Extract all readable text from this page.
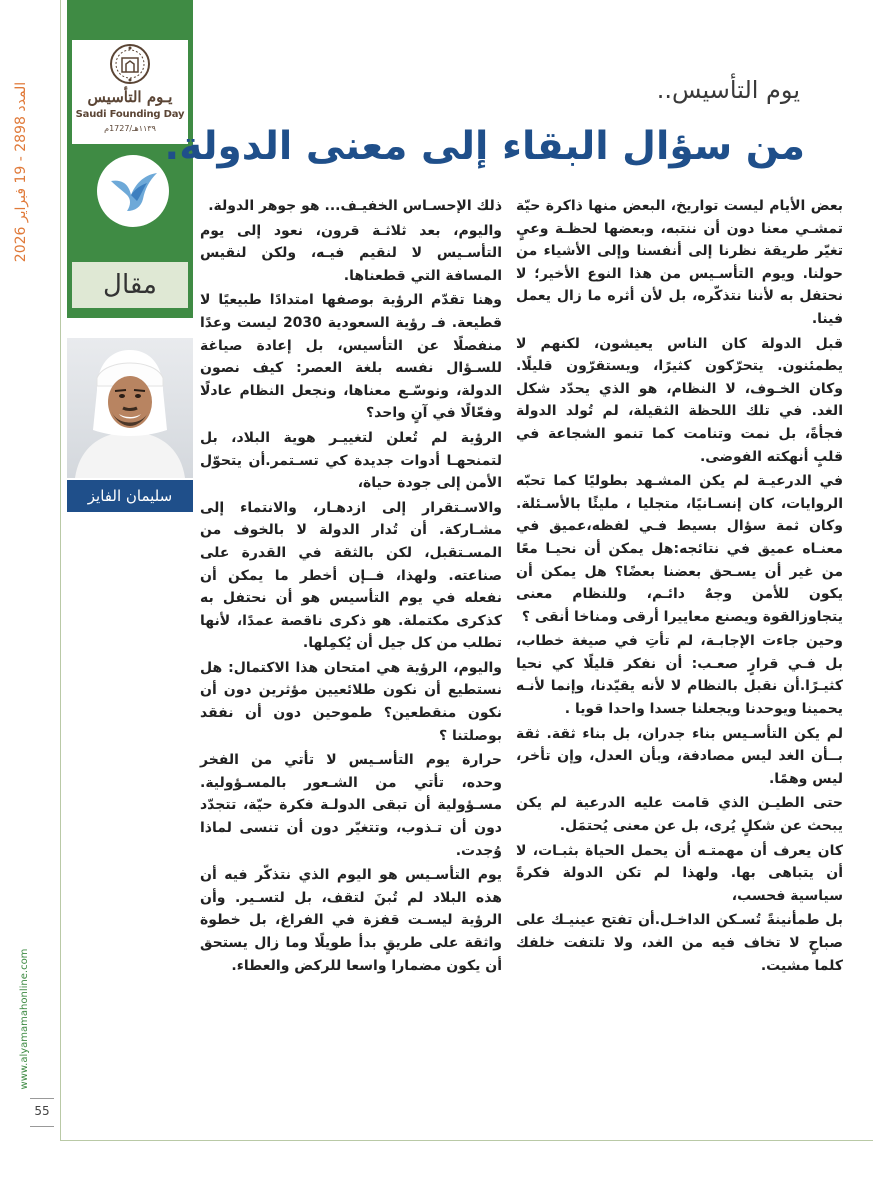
يـوم التأسيس
Saudi Founding Day
١١٣٩هـ/1727م
مقال
المدد 2898 - 19 فبراير 2026
www.alyamamahonline.com
55
سليمان الفايز
يوم التأسيس..
من سؤال البقاء إلى معنى الدولة.

بعض الأيام ليست تواريخ، البعض منها ذاكرة حيّة تمشـي معنا دون أن ننتبه، وبعضها لحظـة وعيٍ تغيّر طريقة نظرنا إلى أنفسنا وإلى الأشياء من حولنا. ويوم التأسـيس من هذا النوع الأخير؛ لا نحتفل به لأننا نتذكّره، بل لأن أثره ما زال يعمل فينا.

قبل الدولة كان الناس يعيشون، لكنهم لا يطمئنون. يتحرّكون كثيرًا، ويستقرّون قليلًا. وكان الخـوف، لا النظام، هو الذي يحدّد شكل الغد. في تلك اللحظة الثقيلة، لم تُولد الدولة فجأةً، بل نمت وتنامت كما تنمو الشجاعة في قلبٍ أنهكته الفوضى.

في الدرعيـة لم يكن المشـهد بطوليًا كما تحبّه الروايات، كان إنسـانيًا، متجليا ، مليئًا بالأسـئلة. وكان ثمة سؤال بسيط فـي لفظه،عميق في معنـاه عميق في نتائجه:هل يمكن أن نحيـا معًا من غير أن يسـحق بعضنا بعضًا؟ هل يمكن أن يكون للأمن وجهٌ دائـم، وللنظام معنى يتجاوزالقوة ويصنع معاييرا أرقى ومناخا أنقى ؟

وحين جاءت الإجابـة، لم تأتِ في صيغة خطاب، بل فـي قرارٍ صعـب: أن نفكر قليلًا كي نحيا كثيـرًا.أن نقبل بالنظام لا لأنه يقيّدنا، وإنما لأنـه يحمينا ويوحدنا ويجعلنا جسدا واحدا قويا .

لم يكن التأسـيس بناء جدران، بل بناء ثقة. ثقة بــأن الغد ليس مصادفة، وبأن العدل، وإن تأخر، ليس وهمًا.

حتى الطيـن الذي قامت عليه الدرعية لم يكن يبحث عن شكلٍ يُرى، بل عن معنى يُحتمَل.

كان يعرف أن مهمتـه أن يحمل الحياة بثبـات، لا أن يتباهى بها. ولهذا لم تكن الدولة فكرةً سياسية فحسب،

بل طمأنينةً تُسـكن الداخـل.أن تفتح عينيـك على صباحٍ لا تخاف فيه من الغد، ولا تلتفت خلفك كلما مشيت.

ذلك الإحسـاس الخفيـف... هو جوهر الدولة.

واليوم، بعد ثلاثـة قرون، نعود إلى يوم التأسـيس لا لنقيم فيـه، ولكن لنقيس المسافة التي قطعناها.

وهنا تقدّم الرؤية بوصفها امتدادًا طبيعيًا لا قطيعة. فـ رؤية السعودية 2030 ليست وعدًا منفصلًا عن التأسيس، بل إعادة صياغة للسـؤال نفسه بلغة العصر: كيف نصون الدولة، ونوسّـع معناها، ونجعل النظام عادلًا وفعّالًا في آنٍ واحد؟

الرؤية لم تُعلن لتغييـر هوية البلاد، بل لتمنحهـا أدوات جديدة كي تسـتمر.أن يتحوّل الأمن إلى جودة حياة،

والاسـتقرار إلى ازدهـار، والانتماء إلى مشـاركة. أن تُدار الدولة لا بالخوف من المسـتقبل، لكن بالثقة في القدرة على صناعته. ولهذا، فــإن أخطر ما يمكن أن نفعله في يوم التأسيس هو أن نحتفل به كذكرى مكتملة. هو ذكرى ناقصة عمدًا، لأنها تطلب من كل جيل أن يُكمِلها.

واليوم، الرؤية هي امتحان هذا الاكتمال: هل نستطيع أن نكون طلائعيين مؤثرين دون أن نكون منقطعين؟ طموحين دون أن نفقد بوصلتنا ؟

حرارة يوم التأسـيس لا تأتي من الفخر وحده، تأتي من الشـعور بالمسـؤولية. مسـؤولية أن تبقى الدولـة فكرة حيّة، تتجدّد دون أن تـذوب، وتتغيّر دون أن تنسى لماذا وُجدت.

يوم التأسـيس هو اليوم الذي نتذكّر فيه أن هذه البلاد لم تُبنَ لتقف، بل لتسـير. وأن الرؤية ليسـت قفزة في الفراغ، بل خطوة واثقة على طريقٍ بدأ طويلًا وما زال يستحق أن يكون مضمارا واسعا للركض والعطاء.
